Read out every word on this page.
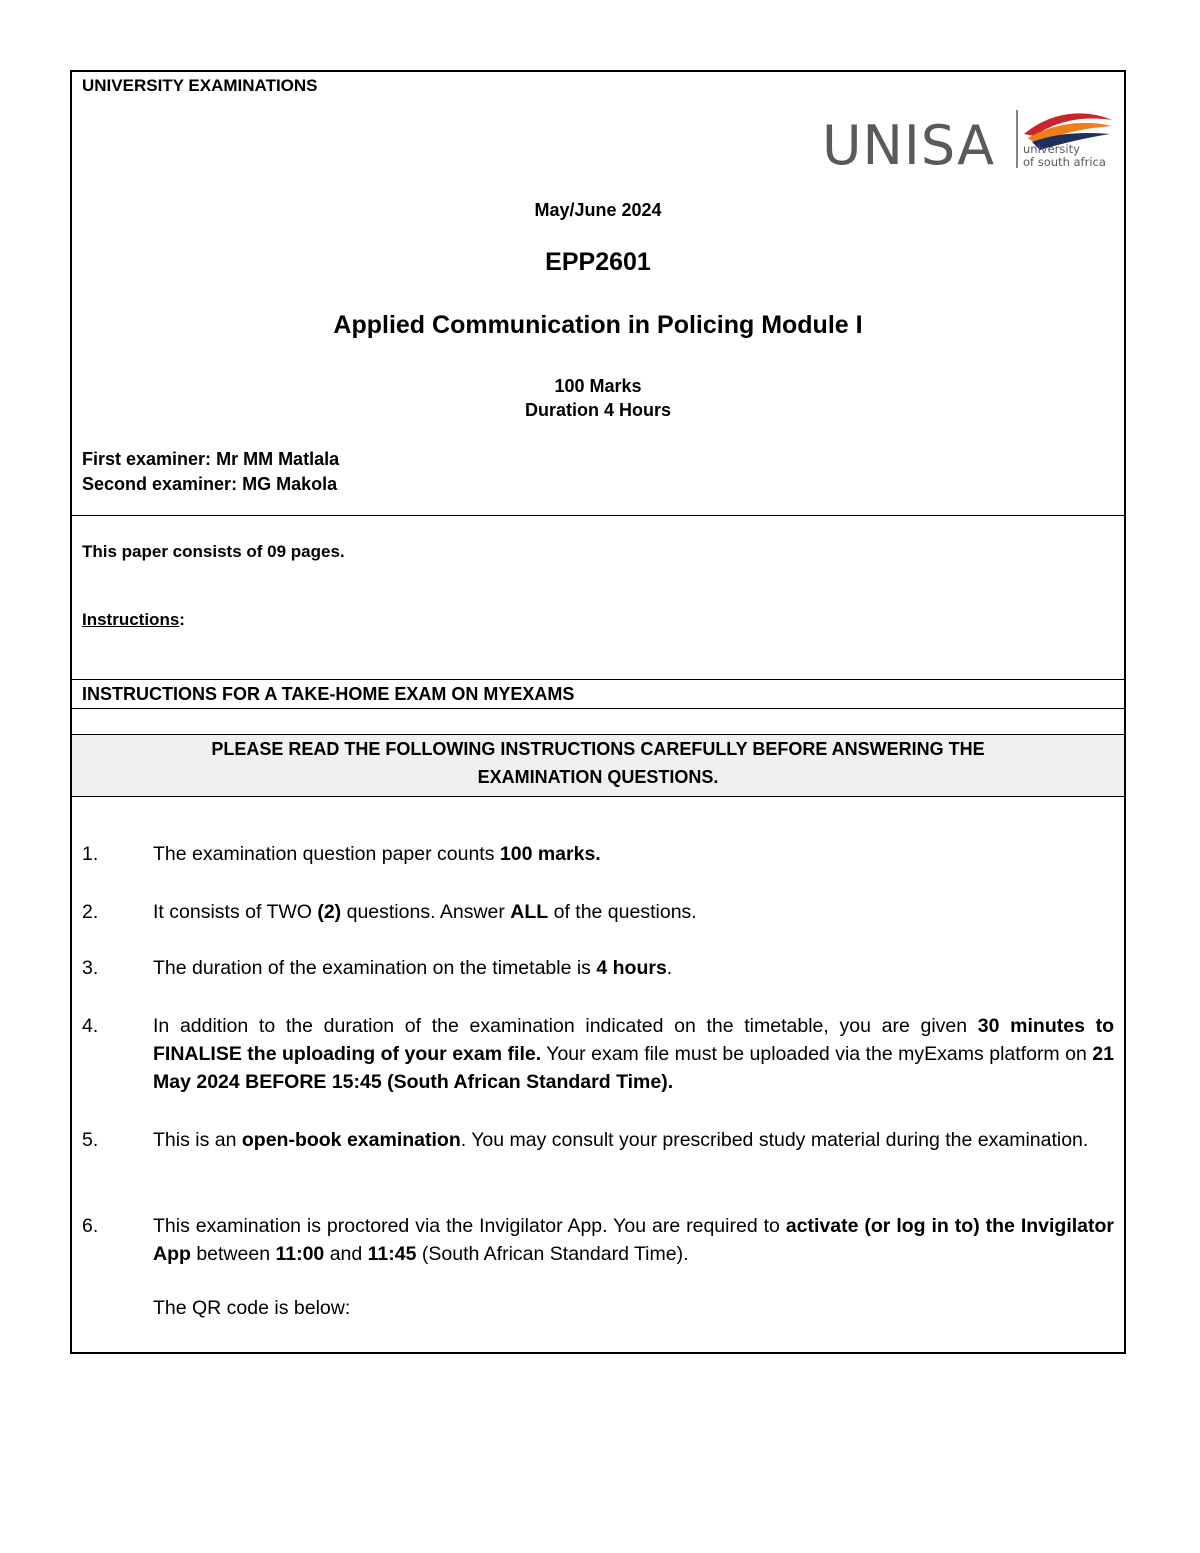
UNIVERSITY EXAMINATIONS
UNISA university
of south africa
May/June 2024
EPP2601
Applied Communication in Policing Module I
100 Marks
Duration 4 Hours
First examiner: Mr MM Matlala
Second examiner: MG Makola
This paper consists of 09 pages.
Instructions:
INSTRUCTIONS FOR A TAKE-HOME EXAM ON MYEXAMS
PLEASE READ THE FOLLOWING INSTRUCTIONS CAREFULLY BEFORE ANSWERING THE
EXAMINATION QUESTIONS.
1.	The examination question paper counts 100 marks.
2.	It consists of TWO (2) questions. Answer ALL of the questions.
3.	The duration of the examination on the timetable is 4 hours.
4.	In addition to the duration of the examination indicated on the timetable, you are given 30 minutes to FINALISE the uploading of your exam file. Your exam file must be uploaded via the myExams platform on 21 May 2024 BEFORE 15:45 (South African Standard Time).
5.	This is an open-book examination. You may consult your prescribed study material during the examination.
6.	This examination is proctored via the Invigilator App. You are required to activate (or log in to) the Invigilator App between 11:00 and 11:45 (South African Standard Time).
The QR code is below:
